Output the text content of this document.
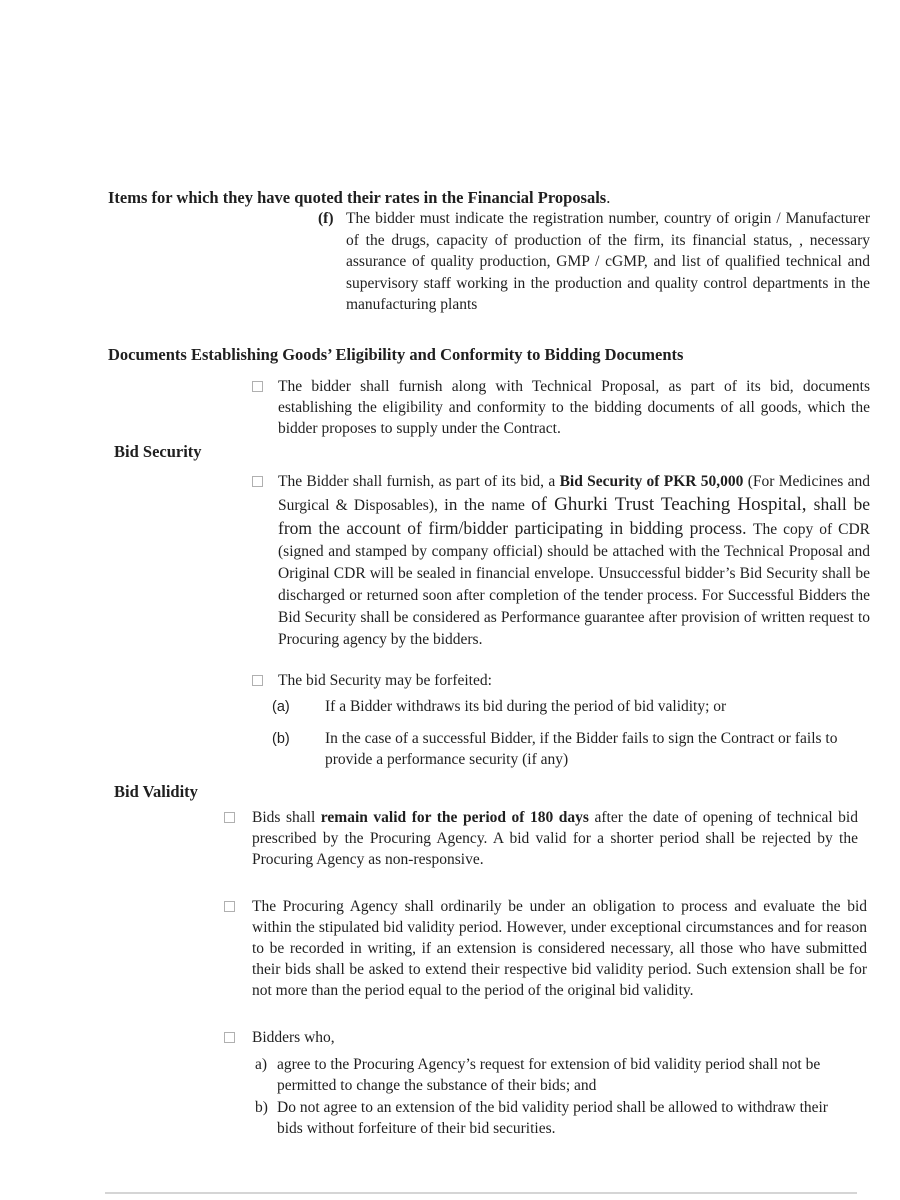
Items for which they have quoted their rates in the Financial Proposals.
(f) The bidder must indicate the registration number, country of origin / Manufacturer of the drugs, capacity of production of the firm, its financial status, , necessary assurance of quality production, GMP / cGMP, and list of qualified technical and supervisory staff working in the production and quality control departments in the manufacturing plants
Documents Establishing Goods’ Eligibility and Conformity to Bidding Documents
The bidder shall furnish along with Technical Proposal, as part of its bid, documents establishing the eligibility and conformity to the bidding documents of all goods, which the bidder proposes to supply under the Contract.
Bid Security
The Bidder shall furnish, as part of its bid, a Bid Security of PKR 50,000 (For Medicines and Surgical & Disposables), in the name of Ghurki Trust Teaching Hospital, shall be from the account of firm/bidder participating in bidding process. The copy of CDR (signed and stamped by company official) should be attached with the Technical Proposal and Original CDR will be sealed in financial envelope. Unsuccessful bidder’s Bid Security shall be discharged or returned soon after completion of the tender process. For Successful Bidders the Bid Security shall be considered as Performance guarantee after provision of written request to Procuring agency by the bidders.
The bid Security may be forfeited:
(a) If a Bidder withdraws its bid during the period of bid validity; or
(b) In the case of a successful Bidder, if the Bidder fails to sign the Contract or fails to provide a performance security (if any)
Bid Validity
Bids shall remain valid for the period of 180 days after the date of opening of technical bid prescribed by the Procuring Agency. A bid valid for a shorter period shall be rejected by the Procuring Agency as non-responsive.
The Procuring Agency shall ordinarily be under an obligation to process and evaluate the bid within the stipulated bid validity period. However, under exceptional circumstances and for reason to be recorded in writing, if an extension is considered necessary, all those who have submitted their bids shall be asked to extend their respective bid validity period. Such extension shall be for not more than the period equal to the period of the original bid validity.
Bidders who,
a) agree to the Procuring Agency’s request for extension of bid validity period shall not be permitted to change the substance of their bids; and
b) Do not agree to an extension of the bid validity period shall be allowed to withdraw their bids without forfeiture of their bid securities.
